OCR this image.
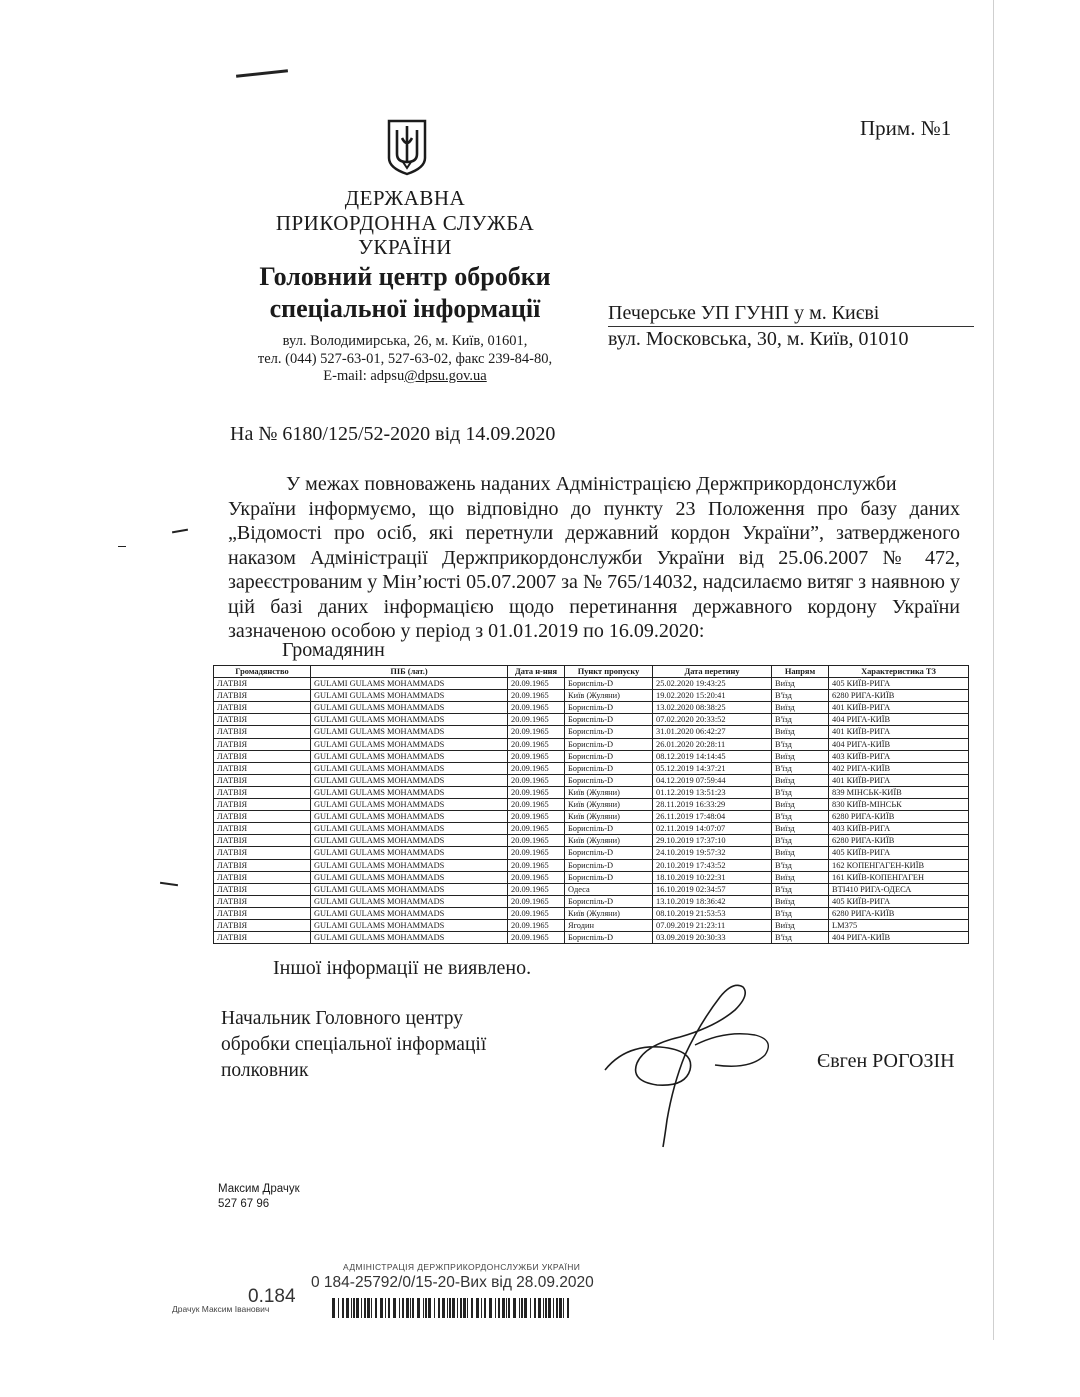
Прим. №1
ДЕРЖАВНА
ПРИКОРДОННА СЛУЖБА
УКРАЇНИ
Головний центр обробки
спеціальної інформації
вул. Володимирська, 26, м. Київ, 01601,
тел. (044) 527-63-01, 527-63-02, факс 239-84-80,
E-mail: adpsu@dpsu.gov.ua
Печерське УП ГУНП у м. Києві
вул. Московська, 30, м. Київ, 01010
На № 6180/125/52-2020 від 14.09.2020
У межах повноважень наданих Адміністрацією Держприкордонслужби
України інформуємо, що відповідно до пункту 23 Положення про базу даних „Відомості про осіб, які перетнули державний кордон України”, затвердженого наказом Адміністрації Держприкордонслужби України від 25.06.2007 № 472, зареєстрованим у Мін’юсті 05.07.2007 за № 765/14032, надсилаємо витяг з наявною у цій базі даних інформацією щодо перетинання державного кордону України зазначеною особою у період з 01.01.2019 по 16.09.2020:
Громадянин
Громадянство	ПІБ (лат.)	Дата н-ння	Пункт пропуску	Дата перетину	Напрям	Характеристика ТЗ
ЛАТВІЯ	GULAMI GULAMS MOHAMMADS	20.09.1965	Бориспіль-D	25.02.2020 19:43:25	Виїзд	405 КИЇВ-РИГА
ЛАТВІЯ	GULAMI GULAMS MOHAMMADS	20.09.1965	Київ (Жуляни)	19.02.2020 15:20:41	В'їзд	6280 РИГА-КИЇВ
ЛАТВІЯ	GULAMI GULAMS MOHAMMADS	20.09.1965	Бориспіль-D	13.02.2020 08:38:25	Виїзд	401 КИЇВ-РИГА
ЛАТВІЯ	GULAMI GULAMS MOHAMMADS	20.09.1965	Бориспіль-D	07.02.2020 20:33:52	В'їзд	404 РИГА-КИЇВ
ЛАТВІЯ	GULAMI GULAMS MOHAMMADS	20.09.1965	Бориспіль-D	31.01.2020 06:42:27	Виїзд	401 КИЇВ-РИГА
ЛАТВІЯ	GULAMI GULAMS MOHAMMADS	20.09.1965	Бориспіль-D	26.01.2020 20:28:11	В'їзд	404 РИГА-КИЇВ
ЛАТВІЯ	GULAMI GULAMS MOHAMMADS	20.09.1965	Бориспіль-D	08.12.2019 14:14:45	Виїзд	403 КИЇВ-РИГА
ЛАТВІЯ	GULAMI GULAMS MOHAMMADS	20.09.1965	Бориспіль-D	05.12.2019 14:37:21	В'їзд	402 РИГА-КИЇВ
ЛАТВІЯ	GULAMI GULAMS MOHAMMADS	20.09.1965	Бориспіль-D	04.12.2019 07:59:44	Виїзд	401 КИЇВ-РИГА
ЛАТВІЯ	GULAMI GULAMS MOHAMMADS	20.09.1965	Київ (Жуляни)	01.12.2019 13:51:23	В'їзд	839 МІНСЬК-КИЇВ
ЛАТВІЯ	GULAMI GULAMS MOHAMMADS	20.09.1965	Київ (Жуляни)	28.11.2019 16:33:29	Виїзд	830 КИЇВ-МІНСЬК
ЛАТВІЯ	GULAMI GULAMS MOHAMMADS	20.09.1965	Київ (Жуляни)	26.11.2019 17:48:04	В'їзд	6280 РИГА-КИЇВ
ЛАТВІЯ	GULAMI GULAMS MOHAMMADS	20.09.1965	Бориспіль-D	02.11.2019 14:07:07	Виїзд	403 КИЇВ-РИГА
ЛАТВІЯ	GULAMI GULAMS MOHAMMADS	20.09.1965	Київ (Жуляни)	29.10.2019 17:37:10	В'їзд	6280 РИГА-КИЇВ
ЛАТВІЯ	GULAMI GULAMS MOHAMMADS	20.09.1965	Бориспіль-D	24.10.2019 19:57:32	Виїзд	405 КИЇВ-РИГА
ЛАТВІЯ	GULAMI GULAMS MOHAMMADS	20.09.1965	Бориспіль-D	20.10.2019 17:43:52	В'їзд	162 КОПЕНГАГЕН-КИЇВ
ЛАТВІЯ	GULAMI GULAMS MOHAMMADS	20.09.1965	Бориспіль-D	18.10.2019 10:22:31	Виїзд	161 КИЇВ-КОПЕНГАГЕН
ЛАТВІЯ	GULAMI GULAMS MOHAMMADS	20.09.1965	Одеса	16.10.2019 02:34:57	В'їзд	BTI410 РИГА-ОДЕСА
ЛАТВІЯ	GULAMI GULAMS MOHAMMADS	20.09.1965	Бориспіль-D	13.10.2019 18:36:42	Виїзд	405 КИЇВ-РИГА
ЛАТВІЯ	GULAMI GULAMS MOHAMMADS	20.09.1965	Київ (Жуляни)	08.10.2019 21:53:53	В'їзд	6280 РИГА-КИЇВ
ЛАТВІЯ	GULAMI GULAMS MOHAMMADS	20.09.1965	Ягодин	07.09.2019 21:23:11	Виїзд	LM375
ЛАТВІЯ	GULAMI GULAMS MOHAMMADS	20.09.1965	Бориспіль-D	03.09.2019 20:30:33	В'їзд	404 РИГА-КИЇВ
Іншої інформації не виявлено.
Начальник Головного центру
обробки спеціальної інформації
полковник	Євген РОГОЗІН
Максим Драчук
527 67 96
АДМІНІСТРАЦІЯ ДЕРЖПРИКОРДОНСЛУЖБИ УКРАЇНИ
0 184-25792/0/15-20-Вих від 28.09.2020
0.184
Драчук Максим Іванович
